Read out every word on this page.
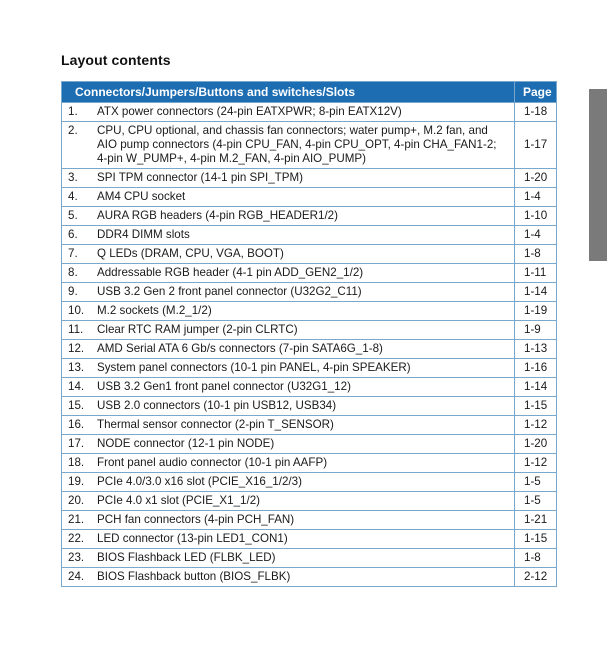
Layout contents
Connectors/Jumpers/Buttons and switches/Slots	Page

1. ATX power connectors (24-pin EATXPWR; 8-pin EATX12V)	1-18

2. CPU, CPU optional, and chassis fan connectors; water pump+, M.2 fan, and AIO pump connectors (4-pin CPU_FAN, 4-pin CPU_OPT, 4-pin CHA_FAN1-2; 4-pin W_PUMP+, 4-pin M.2_FAN, 4-pin AIO_PUMP)	1-17

3. SPI TPM connector (14-1 pin SPI_TPM)	1-20

4. AM4 CPU socket	1-4

5. AURA RGB headers (4-pin RGB_HEADER1/2)	1-10

6. DDR4 DIMM slots	1-4

7. Q LEDs (DRAM, CPU, VGA, BOOT)	1-8

8. Addressable RGB header (4-1 pin ADD_GEN2_1/2)	1-11

9. USB 3.2 Gen 2 front panel connector (U32G2_C11)	1-14

10. M.2 sockets (M.2_1/2)	1-19

11. Clear RTC RAM jumper (2-pin CLRTC)	1-9

12. AMD Serial ATA 6 Gb/s connectors (7-pin SATA6G_1-8)	1-13

13. System panel connectors (10-1 pin PANEL, 4-pin SPEAKER)	1-16

14. USB 3.2 Gen1 front panel connector (U32G1_12)	1-14

15. USB 2.0 connectors (10-1 pin USB12, USB34)	1-15

16. Thermal sensor connector (2-pin T_SENSOR)	1-12

17. NODE connector (12-1 pin NODE)	1-20

18. Front panel audio connector (10-1 pin AAFP)	1-12

19. PCIe 4.0/3.0 x16 slot (PCIE_X16_1/2/3)	1-5

20. PCIe 4.0 x1 slot (PCIE_X1_1/2)	1-5

21. PCH fan connectors (4-pin PCH_FAN)	1-21

22. LED connector (13-pin LED1_CON1)	1-15

23. BIOS Flashback LED (FLBK_LED)	1-8

24. BIOS Flashback button (BIOS_FLBK)	2-12
